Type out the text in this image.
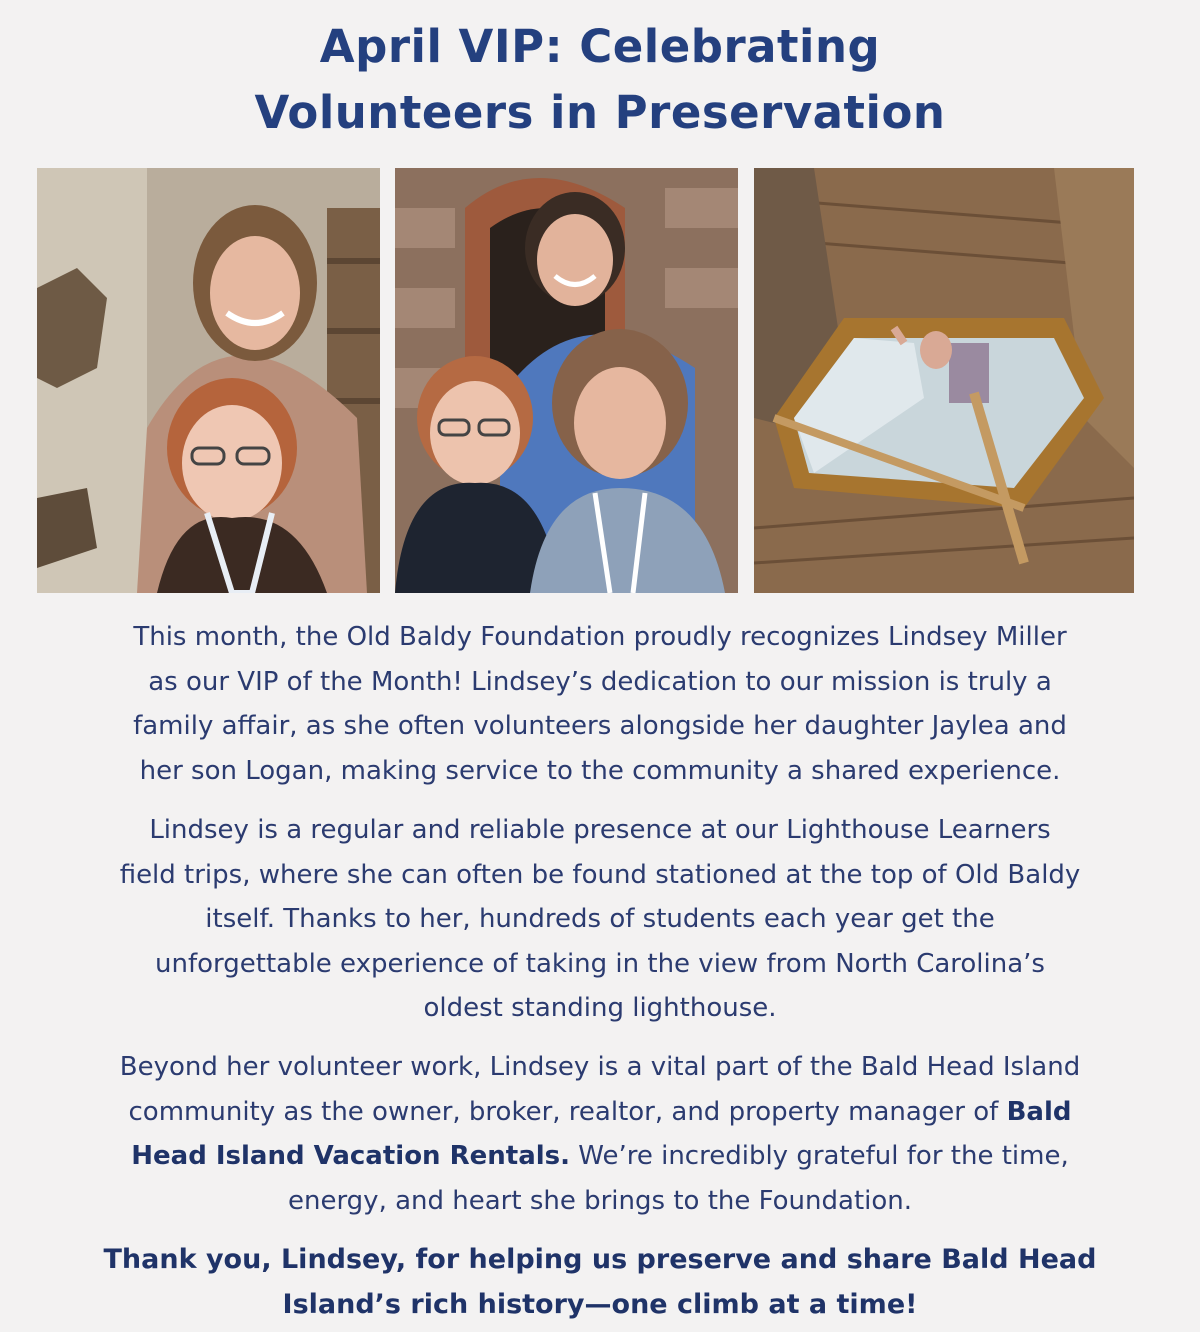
April VIP: Celebrating
Volunteers in Preservation

This month, the Old Baldy Foundation proudly recognizes Lindsey Miller
as our VIP of the Month! Lindsey’s dedication to our mission is truly a
family affair, as she often volunteers alongside her daughter Jaylea and
her son Logan, making service to the community a shared experience.

Lindsey is a regular and reliable presence at our Lighthouse Learners
field trips, where she can often be found stationed at the top of Old Baldy
itself. Thanks to her, hundreds of students each year get the
unforgettable experience of taking in the view from North Carolina’s
oldest standing lighthouse.

Beyond her volunteer work, Lindsey is a vital part of the Bald Head Island
community as the owner, broker, realtor, and property manager of Bald
Head Island Vacation Rentals. We’re incredibly grateful for the time,
energy, and heart she brings to the Foundation.

Thank you, Lindsey, for helping us preserve and share Bald Head
Island’s rich history—one climb at a time!
